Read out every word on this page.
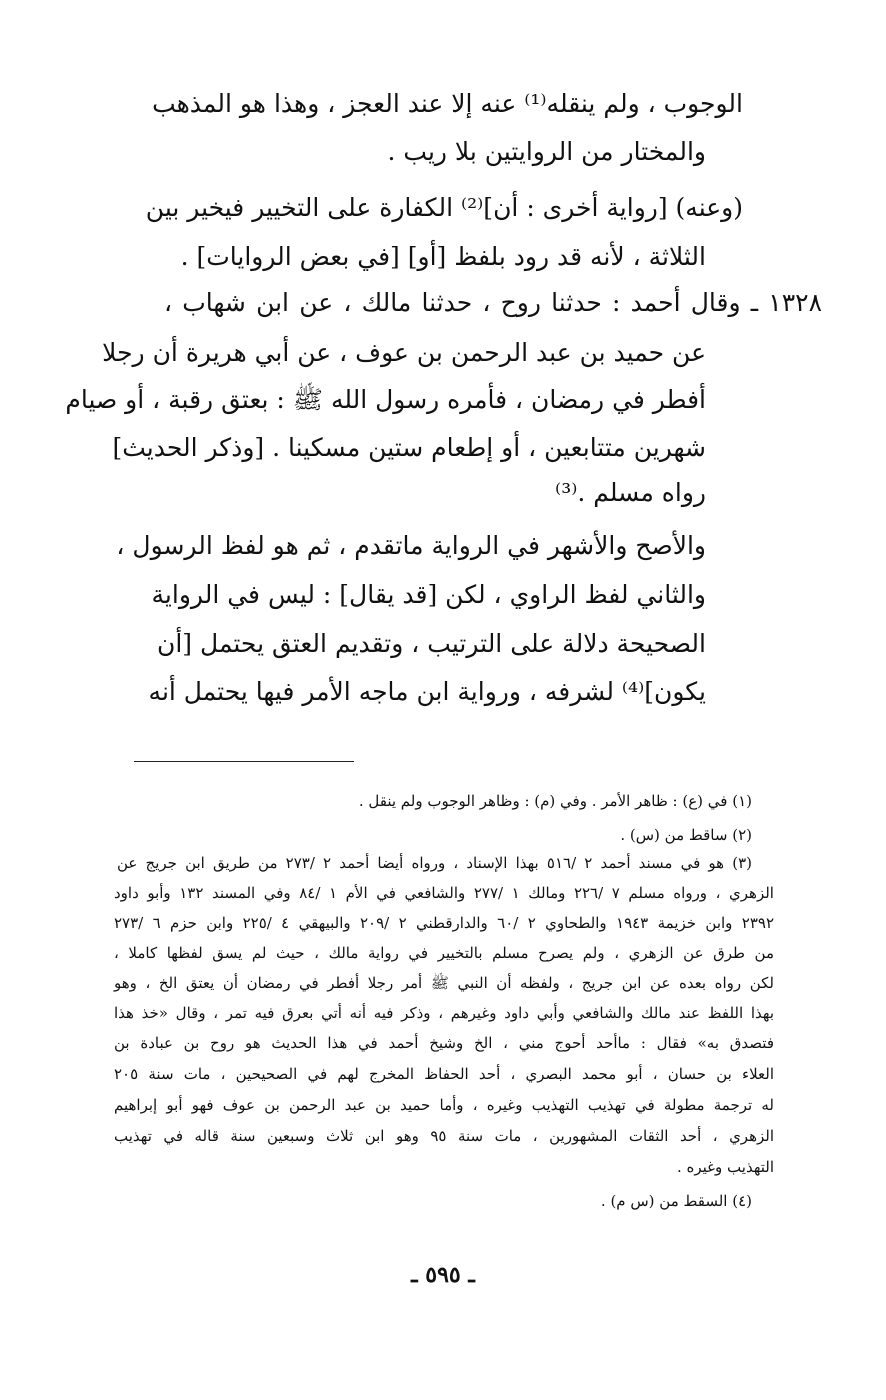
الوجوب ، ولم ينقله⁽¹⁾ عنه إلا عند العجز ، وهذا هو المذهب
والمختار من الروايتين بلا ريب .
(وعنه) [رواية أخرى : أن]⁽²⁾ الكفارة على التخيير فيخير بين
الثلاثة ، لأنه قد رود بلفظ [أو] [في بعض الروايات] .
١٣٢٨ ـ وقال أحمد : حدثنا روح ، حدثنا مالك ، عن ابن شهاب ،
عن حميد بن عبد الرحمن بن عوف ، عن أبي هريرة أن رجلا
أفطر في رمضان ، فأمره رسول الله ﷺ : بعتق رقبة ، أو صيام
شهرين متتابعين ، أو إطعام ستين مسكينا . [وذكر الحديث]
رواه مسلم .⁽³⁾
والأصح والأشهر في الرواية ماتقدم ، ثم هو لفظ الرسول ،
والثاني لفظ الراوي ، لكن [قد يقال] : ليس في الرواية
الصحيحة دلالة على الترتيب ، وتقديم العتق يحتمل [أن
يكون]⁽⁴⁾ لشرفه ، ورواية ابن ماجه الأمر فيها يحتمل أنه
(١) في (ع) : ظاهر الأمر . وفي (م) : وظاهر الوجوب ولم ينقل .
(٢) ساقط من (س) .
(٣) هو في مسند أحمد ٢ /٥١٦ بهذا الإسناد ، ورواه أيضا أحمد ٢ /٢٧٣ من طريق ابن جريج عن
الزهري ، ورواه مسلم ٧ /٢٢٦ ومالك ١ /٢٧٧ والشافعي في الأم ١ /٨٤ وفي المسند ١٣٢ وأبو داود
٢٣٩٢ وابن خزيمة ١٩٤٣ والطحاوي ٢ /٦٠ والدارقطني ٢ /٢٠٩ والبيهقي ٤ /٢٢٥ وابن حزم ٦ /٢٧٣
من طرق عن الزهري ، ولم يصرح مسلم بالتخيير في رواية مالك ، حيث لم يسق لفظها كاملا ،
لكن رواه بعده عن ابن جريج ، ولفظه أن النبي ﷺ أمر رجلا أفطر في رمضان أن يعتق الخ ، وهو
بهذا اللفظ عند مالك والشافعي وأبي داود وغيرهم ، وذكر فيه أنه أتي بعرق فيه تمر ، وقال «خذ هذا
فتصدق به» فقال : ماأحد أحوج مني ، الخ وشيخ أحمد في هذا الحديث هو روح بن عبادة بن
العلاء بن حسان ، أبو محمد البصري ، أحد الحفاظ المخرج لهم في الصحيحين ، مات سنة ٢٠٥
له ترجمة مطولة في تهذيب التهذيب وغيره ، وأما حميد بن عبد الرحمن بن عوف فهو أبو إبراهيم
الزهري ، أحد الثقات المشهورين ، مات سنة ٩٥ وهو ابن ثلاث وسبعين سنة قاله في تهذيب
التهذيب وغيره .
(٤) السقط من (س م) .
ـ ٥٩٥ ـ
